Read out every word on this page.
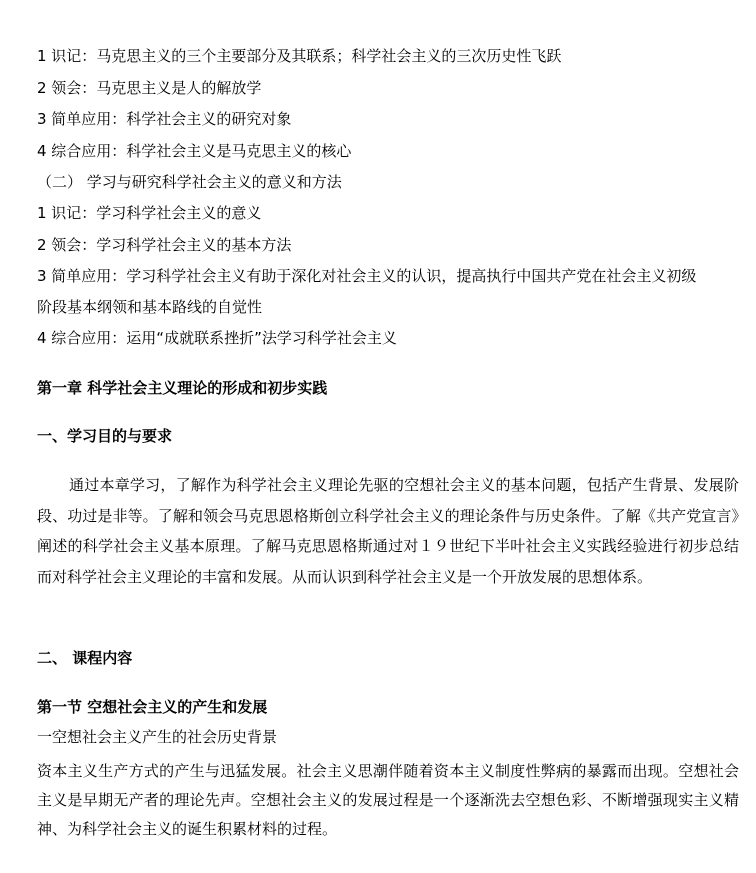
1 识记：马克思主义的三个主要部分及其联系；科学社会主义的三次历史性飞跃
2 领会：马克思主义是人的解放学
3 简单应用：科学社会主义的研究对象
4 综合应用：科学社会主义是马克思主义的核心
（二） 学习与研究科学社会主义的意义和方法
1 识记：学习科学社会主义的意义
2 领会：学习科学社会主义的基本方法
3 简单应用：学习科学社会主义有助于深化对社会主义的认识，提高执行中国共产党在社会主义初级
阶段基本纲领和基本路线的自觉性
4 综合应用：运用“成就联系挫折”法学习科学社会主义
第一章 科学社会主义理论的形成和初步实践
一、学习目的与要求
通过本章学习，了解作为科学社会主义理论先驱的空想社会主义的基本问题，包括产生背景、发展阶段、功过是非等。了解和领会马克思恩格斯创立科学社会主义的理论条件与历史条件。了解《共产党宣言》阐述的科学社会主义基本原理。了解马克思恩格斯通过对１９世纪下半叶社会主义实践经验进行初步总结而对科学社会主义理论的丰富和发展。从而认识到科学社会主义是一个开放发展的思想体系。
二、 课程内容
第一节 空想社会主义的产生和发展
一空想社会主义产生的社会历史背景
资本主义生产方式的产生与迅猛发展。社会主义思潮伴随着资本主义制度性弊病的暴露而出现。空想社会主义是早期无产者的理论先声。空想社会主义的发展过程是一个逐渐洗去空想色彩、不断增强现实主义精神、为科学社会主义的诞生积累材料的过程。
